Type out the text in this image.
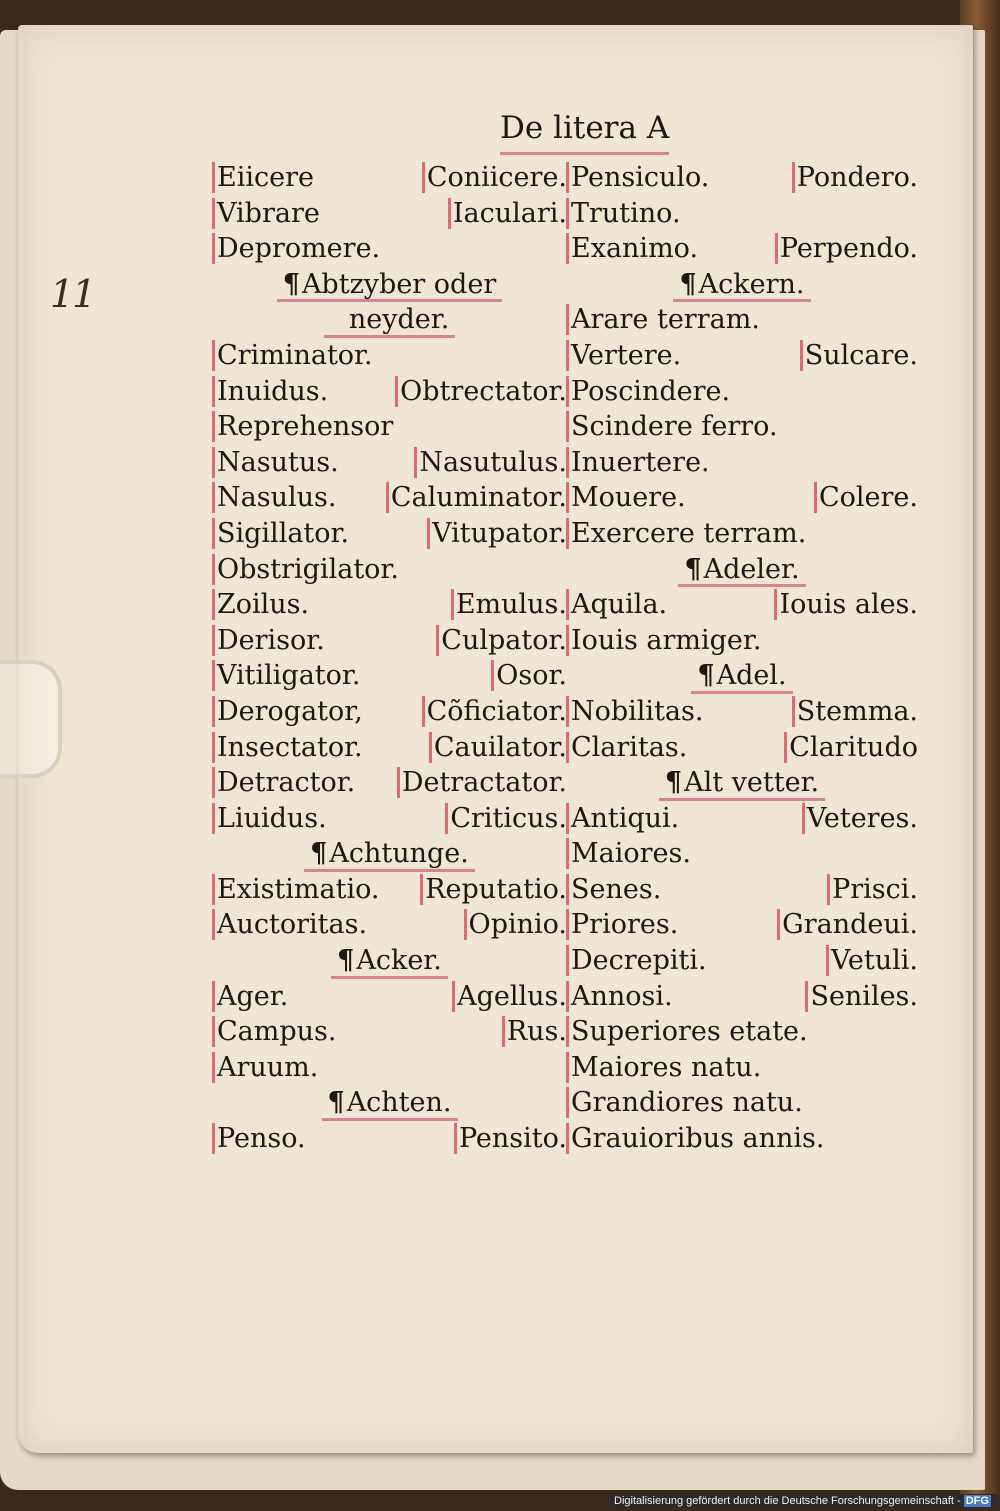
11
De litera A
Eiicere	Coniicere.
Vibrare	Iaculari.
Depromere.
¶Abtzyber oder
neyder.
Criminator.
Inuidus.	Obtrectator.
Reprehensor
Nasutus.	Nasutulus.
Nasulus. Caluminator.
Sigillator.	Vitupator.
Obstrigilator.
Zoilus.	Emulus.
Derisor.	Culpator.
Vitiligator.	Osor.
Derogator, Cõficiator.
Insectator.	Cauilator.
Detractor. Detractator.
Liuidus.	Criticus.
¶Achtunge.
Existimatio. Reputatio.
Auctoritas.	Opinio.
¶Acker.
Ager.	Agellus.
Campus.	Rus.
Aruum.
¶Achten.
Penso.	Pensito.
Pensiculo.	Pondero.
Trutino.
Exanimo.	Perpendo.
¶Ackern.
Arare terram.
Vertere.	Sulcare.
Poscindere.
Scindere ferro.
Inuertere.
Mouere.	Colere.
Exercere terram.
¶Adeler.
Aquila.	Iouis ales.
Iouis armiger.
¶Adel.
Nobilitas.	Stemma.
Claritas.	Claritudo
¶Alt vetter.
Antiqui.	Veteres.
Maiores.
Senes.	Prisci.
Priores.	Grandeui.
Decrepiti.	Vetuli.
Annosi.	Seniles.
Superiores etate.
Maiores natu.
Grandiores natu.
Grauioribus annis.
Digitalisierung gefördert durch die Deutsche Forschungsgemeinschaft - DFG
